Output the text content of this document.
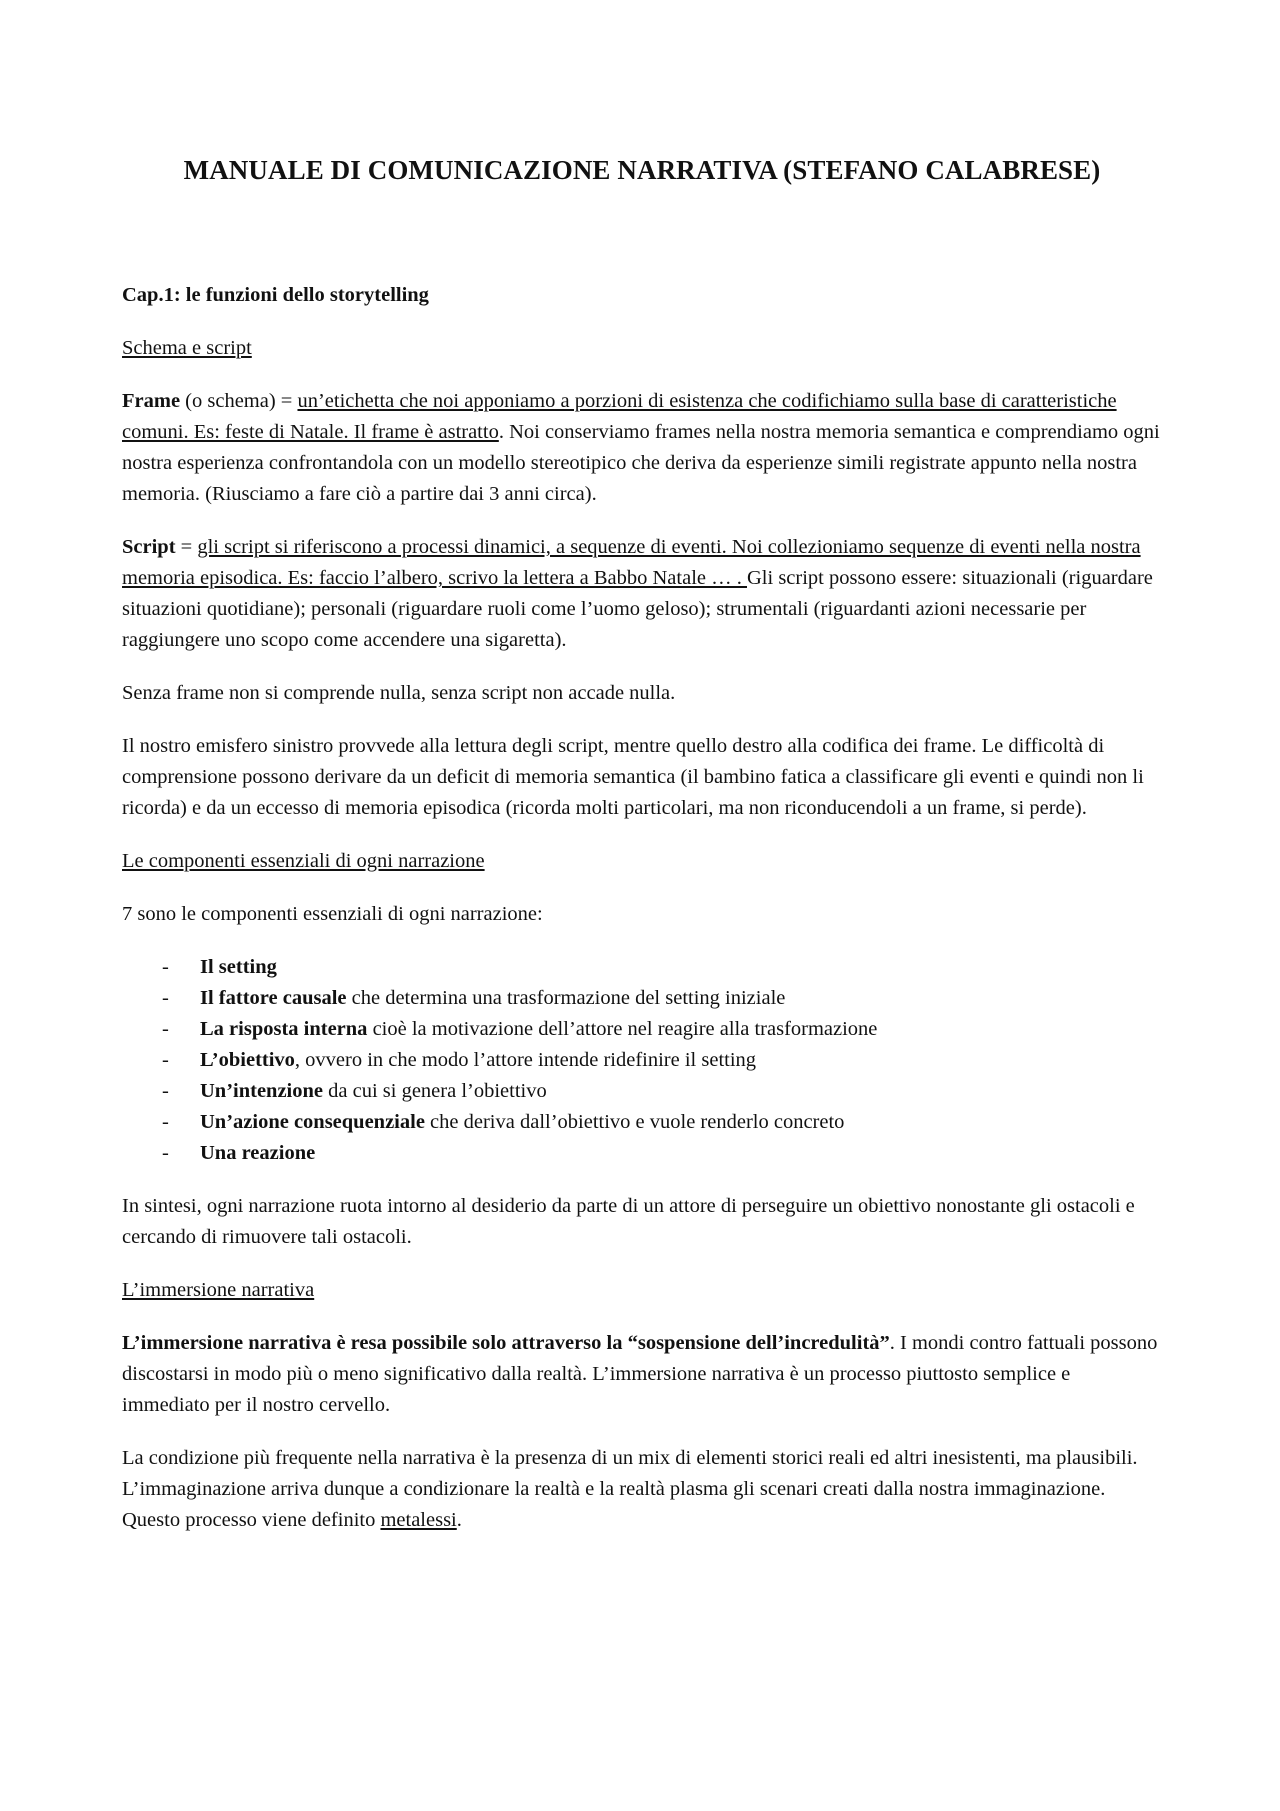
MANUALE DI COMUNICAZIONE NARRATIVA (STEFANO CALABRESE)
Cap.1: le funzioni dello storytelling
Schema e script

Frame (o schema) = un’etichetta che noi apponiamo a porzioni di esistenza che codifichiamo sulla base di caratteristiche comuni. Es: feste di Natale. Il frame è astratto. Noi conserviamo frames nella nostra memoria semantica e comprendiamo ogni nostra esperienza confrontandola con un modello stereotipico che deriva da esperienze simili registrate appunto nella nostra memoria. (Riusciamo a fare ciò a partire dai 3 anni circa).

Script = gli script si riferiscono a processi dinamici, a sequenze di eventi. Noi collezioniamo sequenze di eventi nella nostra memoria episodica. Es: faccio l’albero, scrivo la lettera a Babbo Natale … . Gli script possono essere: situazionali (riguardare situazioni quotidiane); personali (riguardare ruoli come l’uomo geloso); strumentali (riguardanti azioni necessarie per raggiungere uno scopo come accendere una sigaretta).

Senza frame non si comprende nulla, senza script non accade nulla.

Il nostro emisfero sinistro provvede alla lettura degli script, mentre quello destro alla codifica dei frame. Le difficoltà di comprensione possono derivare da un deficit di memoria semantica (il bambino fatica a classificare gli eventi e quindi non li ricorda) e da un eccesso di memoria episodica (ricorda molti particolari, ma non riconducendoli a un frame, si perde).

Le componenti essenziali di ogni narrazione

7 sono le componenti essenziali di ogni narrazione:

- Il setting
- Il fattore causale che determina una trasformazione del setting iniziale
- La risposta interna cioè la motivazione dell’attore nel reagire alla trasformazione
- L’obiettivo, ovvero in che modo l’attore intende ridefinire il setting
- Un’intenzione da cui si genera l’obiettivo
- Un’azione consequenziale che deriva dall’obiettivo e vuole renderlo concreto
- Una reazione

In sintesi, ogni narrazione ruota intorno al desiderio da parte di un attore di perseguire un obiettivo nonostante gli ostacoli e cercando di rimuovere tali ostacoli.

L’immersione narrativa

L’immersione narrativa è resa possibile solo attraverso la “sospensione dell’incredulità”. I mondi contro fattuali possono discostarsi in modo più o meno significativo dalla realtà. L’immersione narrativa è un processo piuttosto semplice e immediato per il nostro cervello.

La condizione più frequente nella narrativa è la presenza di un mix di elementi storici reali ed altri inesistenti, ma plausibili. L’immaginazione arriva dunque a condizionare la realtà e la realtà plasma gli scenari creati dalla nostra immaginazione. Questo processo viene definito metalessi.
